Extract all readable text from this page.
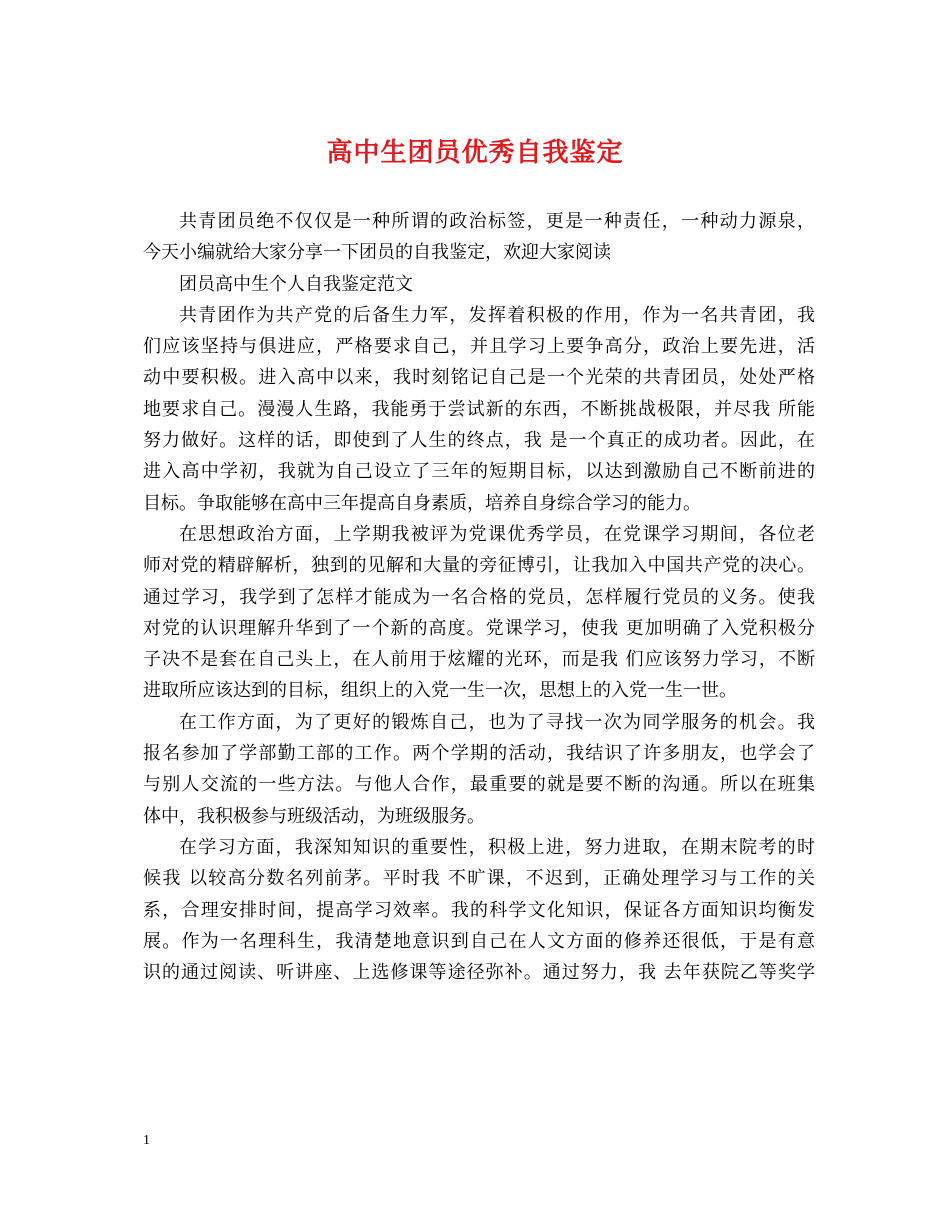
高中生团员优秀自我鉴定
共青团员绝不仅仅是一种所谓的政治标签，更是一种责任，一种动力源泉，
今天小编就给大家分享一下团员的自我鉴定，欢迎大家阅读
团员高中生个人自我鉴定范文
共青团作为共产党的后备生力军，发挥着积极的作用，作为一名共青团，我
们应该坚持与俱进应，严格要求自己，并且学习上要争高分，政治上要先进，活
动中要积极。进入高中以来，我时刻铭记自己是一个光荣的共青团员，处处严格
地要求自己。漫漫人生路，我能勇于尝试新的东西，不断挑战极限，并尽我 所能
努力做好。这样的话，即使到了人生的终点，我 是一个真正的成功者。因此，在
进入高中学初，我就为自己设立了三年的短期目标，以达到激励自己不断前进的
目标。争取能够在高中三年提高自身素质，培养自身综合学习的能力。
在思想政治方面，上学期我被评为党课优秀学员，在党课学习期间，各位老
师对党的精辟解析，独到的见解和大量的旁征博引，让我加入中国共产党的决心。
通过学习，我学到了怎样才能成为一名合格的党员，怎样履行党员的义务。使我
对党的认识理解升华到了一个新的高度。党课学习，使我 更加明确了入党积极分
子决不是套在自己头上，在人前用于炫耀的光环，而是我 们应该努力学习，不断
进取所应该达到的目标，组织上的入党一生一次，思想上的入党一生一世。
在工作方面，为了更好的锻炼自己，也为了寻找一次为同学服务的机会。我
报名参加了学部勤工部的工作。两个学期的活动，我结识了许多朋友，也学会了
与别人交流的一些方法。与他人合作，最重要的就是要不断的沟通。所以在班集
体中，我积极参与班级活动，为班级服务。
在学习方面，我深知知识的重要性，积极上进，努力进取，在期末院考的时
候我 以较高分数名列前茅。平时我 不旷课，不迟到，正确处理学习与工作的关
系，合理安排时间，提高学习效率。我的科学文化知识，保证各方面知识均衡发
展。作为一名理科生，我清楚地意识到自己在人文方面的修养还很低，于是有意
识的通过阅读、听讲座、上选修课等途径弥补。通过努力，我 去年获院乙等奖学
1
